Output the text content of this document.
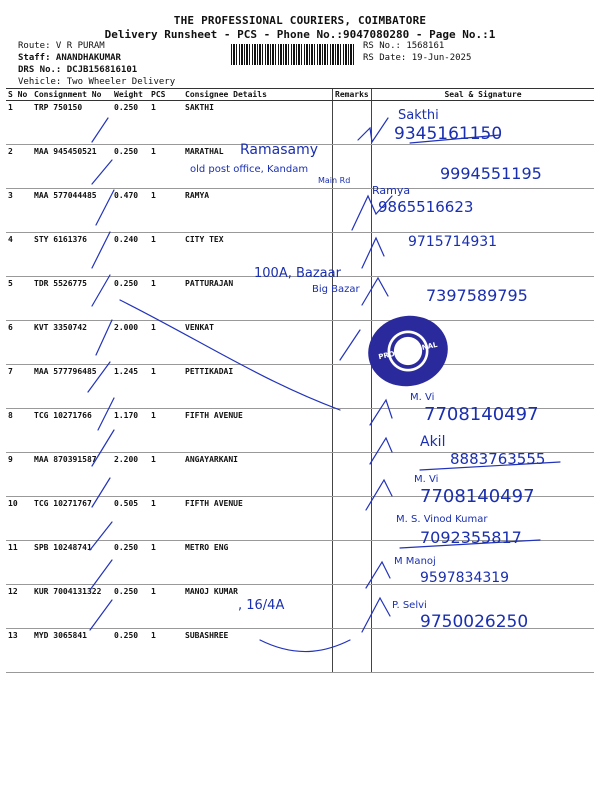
THE PROFESSIONAL COURIERS, COIMBATORE
Delivery Runsheet - PCS - Phone No.:9047080280 - Page No.:1
Route: V R PURAM
Staff: ANANDHAKUMAR
DRS No.: DCJB156816101
Vehicle: Two Wheeler Delivery
RS No.: 1568161
RS Date: 19-Jun-2025
S No	Consignment No	Weight	PCS	Consignee Details	Remarks	Seal & Signature
1	TRP 750150	0.250	1	SAKTHI		
2	MAA 945450521	0.250	1	MARATHAL		
3	MAA 577044485	0.470	1	RAMYA		
4	STY 6161376	0.240	1	CITY TEX		
5	TDR 5526775	0.250	1	PATTURAJAN		
6	KVT 3350742	2.000	1	VENKAT		
7	MAA 577796485	1.245	1	PETTIKADAI		
8	TCG 10271766	1.170	1	FIFTH AVENUE		
9	MAA 870391587	2.200	1	ANGAYARKANI		
10	TCG 10271767	0.505	1	FIFTH AVENUE		
11	SPB 10248741	0.250	1	METRO ENG		
12	KUR 7004131322	0.250	1	MANOJ KUMAR		
13	MYD 3065841	0.250	1	SUBASHREE		
PROFESSIONAL
Sakthi
9345161150
Ramasamy
old post office, Kandam
Main Rd	9994551195
Ramya
9865516623
9715714931
100A, Bazaar
Big Bazar	7397589795
M. Vi
7708140497
Akil
8883763555
M. Vi
7708140497
M. S. Vinod Kumar
7092355817
M Manoj
9597834319
, 16/4A	P. Selvi
9750026250
